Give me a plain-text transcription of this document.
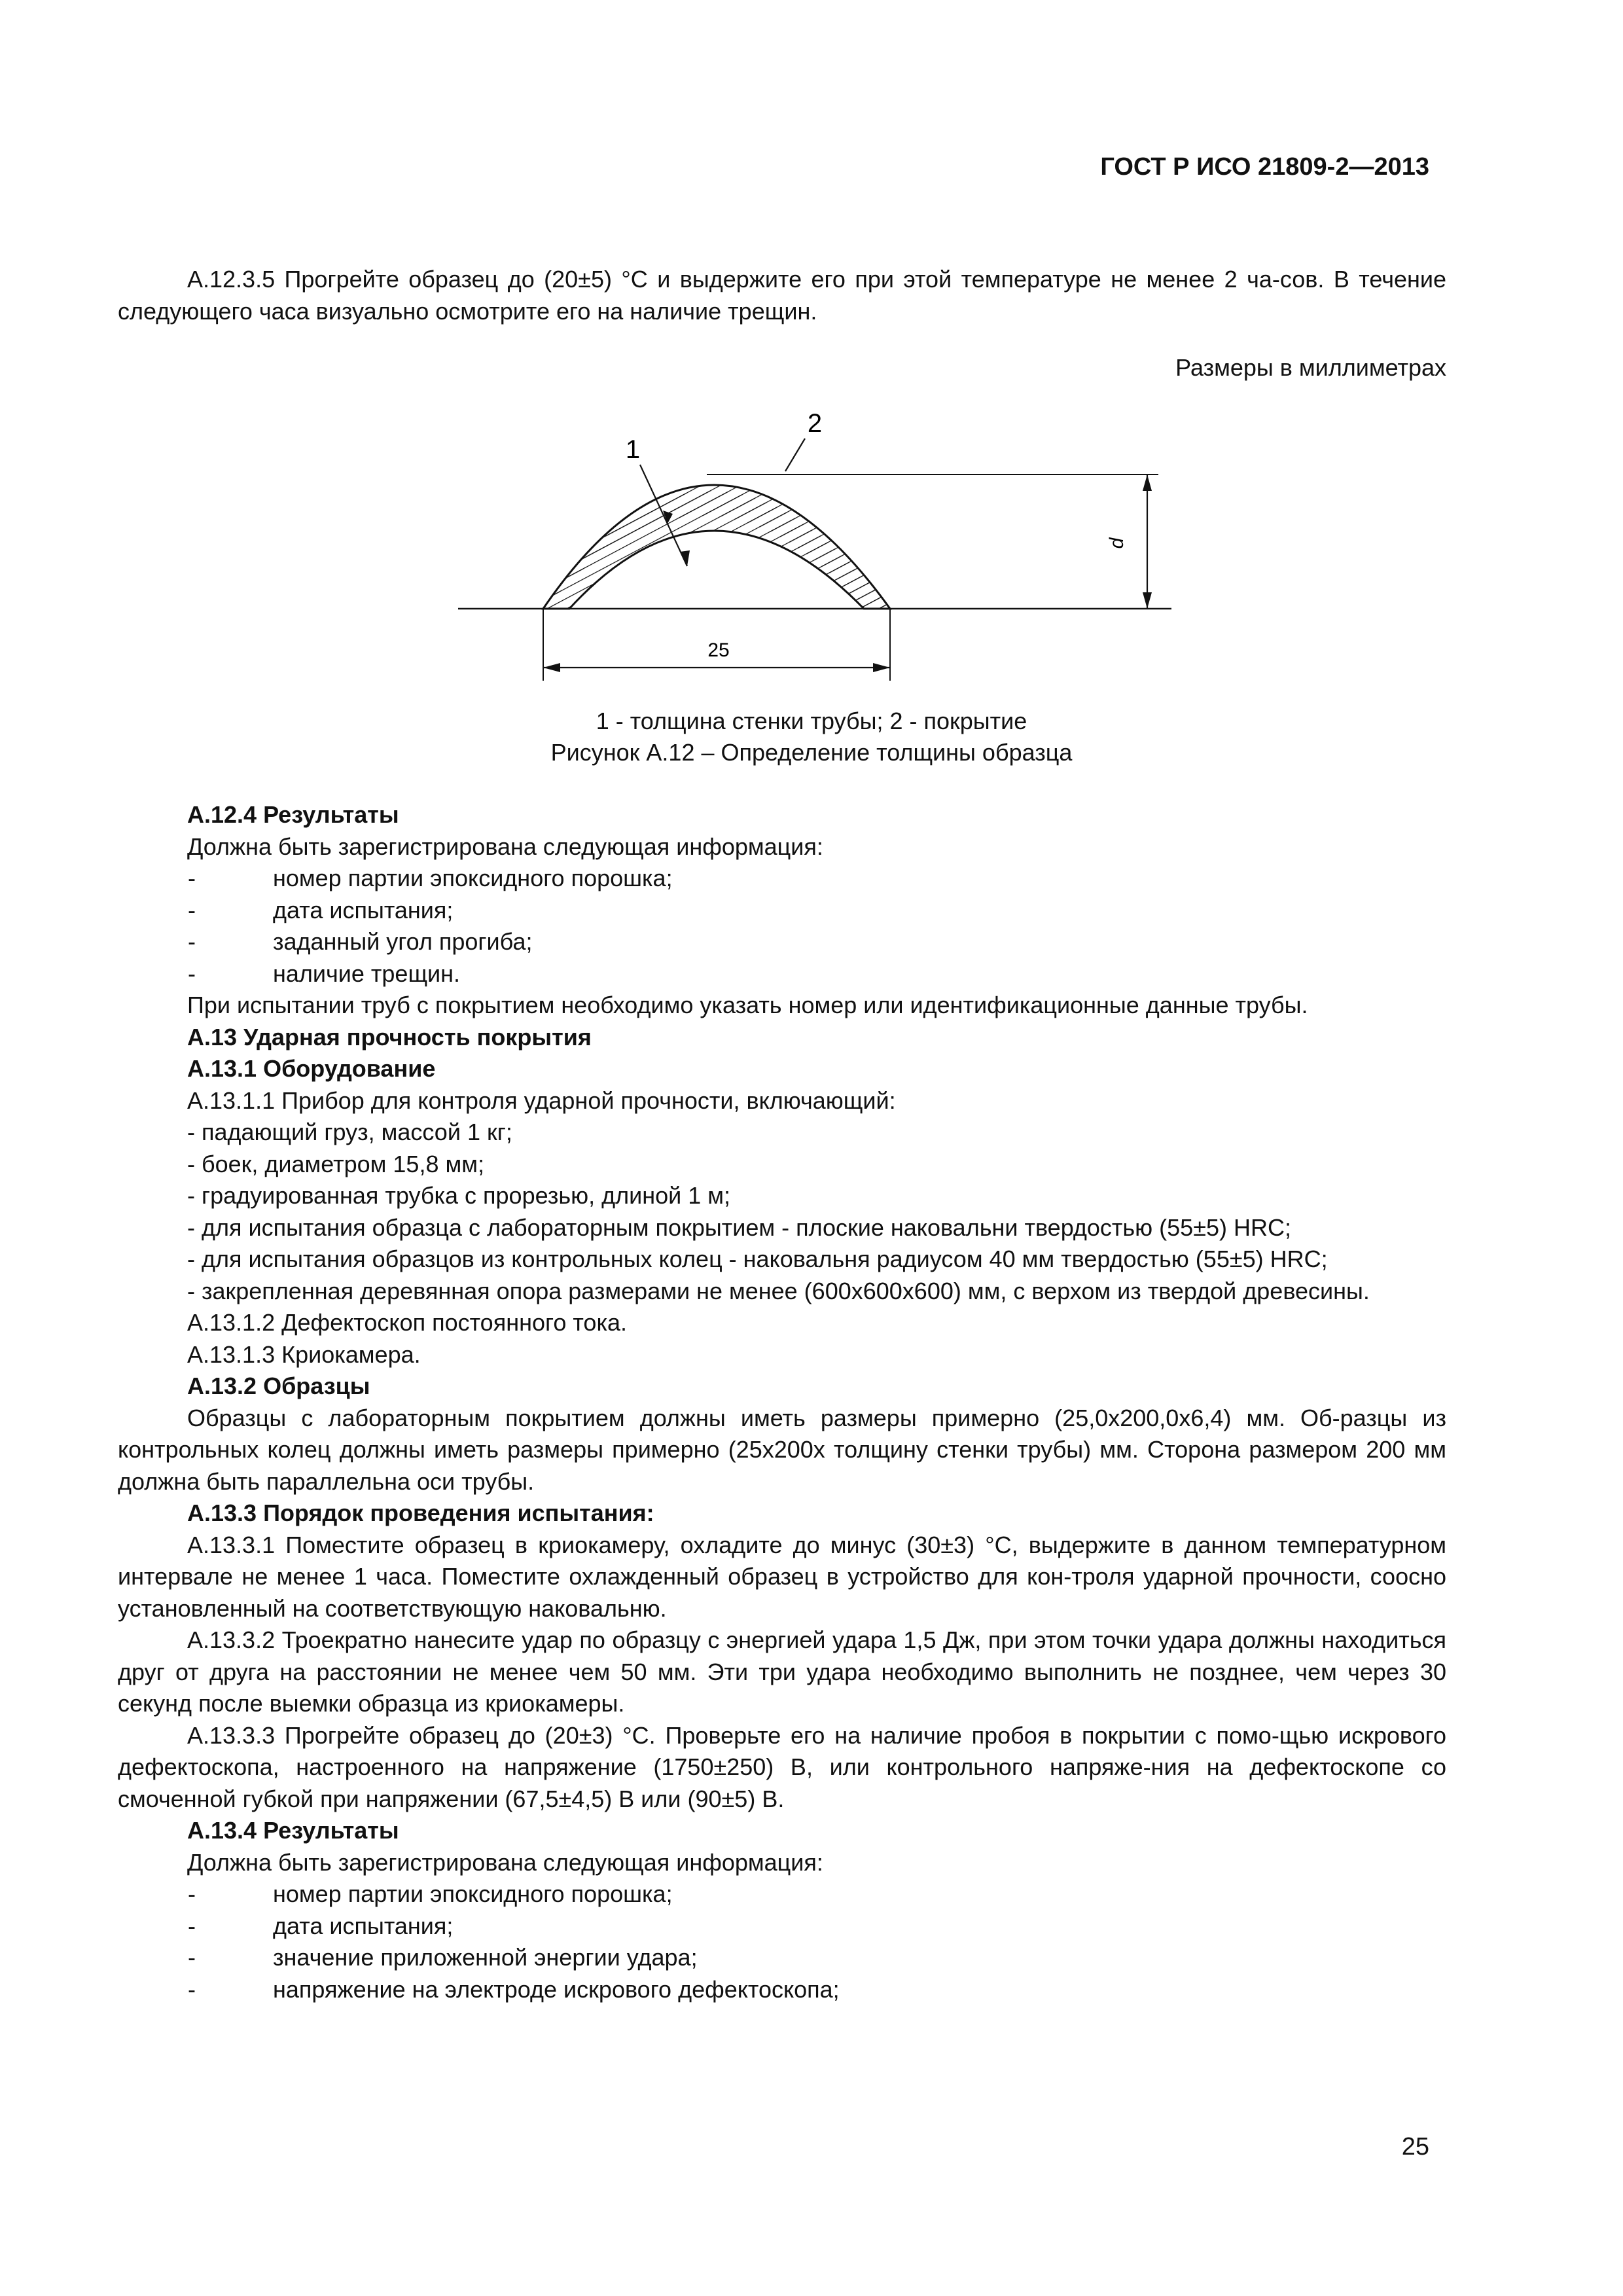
ГОСТ Р ИСО 21809-2—2013

А.12.3.5 Прогрейте образец до (20±5) °C и выдержите его при этой температуре не менее 2 ча-сов. В течение следующего часа визуально осмотрите его на наличие трещин.

Размеры в миллиметрах

d
25
1
2

1 - толщина стенки трубы; 2 - покрытие

Рисунок А.12 – Определение толщины образца

А.12.4 Результаты

Должна быть зарегистрирована следующая информация:

-	номер партии эпоксидного порошка;

-	дата испытания;

-	заданный угол прогиба;

-	наличие трещин.

При испытании труб с покрытием необходимо указать номер или идентификационные данные трубы.

А.13 Ударная прочность покрытия

А.13.1 Оборудование

А.13.1.1 Прибор для контроля ударной прочности, включающий:

- падающий груз, массой 1 кг;

- боек, диаметром 15,8 мм;

- градуированная трубка с прорезью, длиной 1 м;

- для испытания образца с лабораторным покрытием - плоские наковальни твердостью (55±5) HRC;

- для испытания образцов из контрольных колец - наковальня радиусом 40 мм твердостью (55±5) HRC;

- закрепленная деревянная опора размерами не менее (600x600x600) мм, с верхом из твердой древесины.

А.13.1.2 Дефектоскоп постоянного тока.

А.13.1.3 Криокамера.

А.13.2 Образцы

Образцы с лабораторным покрытием должны иметь размеры примерно (25,0x200,0x6,4) мм. Об-разцы из контрольных колец должны иметь размеры примерно (25x200x толщину стенки трубы) мм. Сторона размером 200 мм должна быть параллельна оси трубы.

А.13.3 Порядок проведения испытания:

А.13.3.1 Поместите образец в криокамеру, охладите до минус (30±3) °C, выдержите в данном температурном интервале не менее 1 часа. Поместите охлажденный образец в устройство для кон-троля ударной прочности, соосно установленный на соответствующую наковальню.

А.13.3.2 Троекратно нанесите удар по образцу с энергией удара 1,5 Дж, при этом точки удара должны находиться друг от друга на расстоянии не менее чем 50 мм. Эти три удара необходимо выполнить не позднее, чем через 30 секунд после выемки образца из криокамеры.

А.13.3.3 Прогрейте образец до (20±3) °C. Проверьте его на наличие пробоя в покрытии с помо-щью искрового дефектоскопа, настроенного на напряжение (1750±250) В, или контрольного напряже-ния на дефектоскопе со смоченной губкой при напряжении (67,5±4,5) В или (90±5) В.

А.13.4 Результаты

Должна быть зарегистрирована следующая информация:

-	номер партии эпоксидного порошка;

-	дата испытания;

-	значение приложенной энергии удара;

-	напряжение на электроде искрового дефектоскопа;

25
